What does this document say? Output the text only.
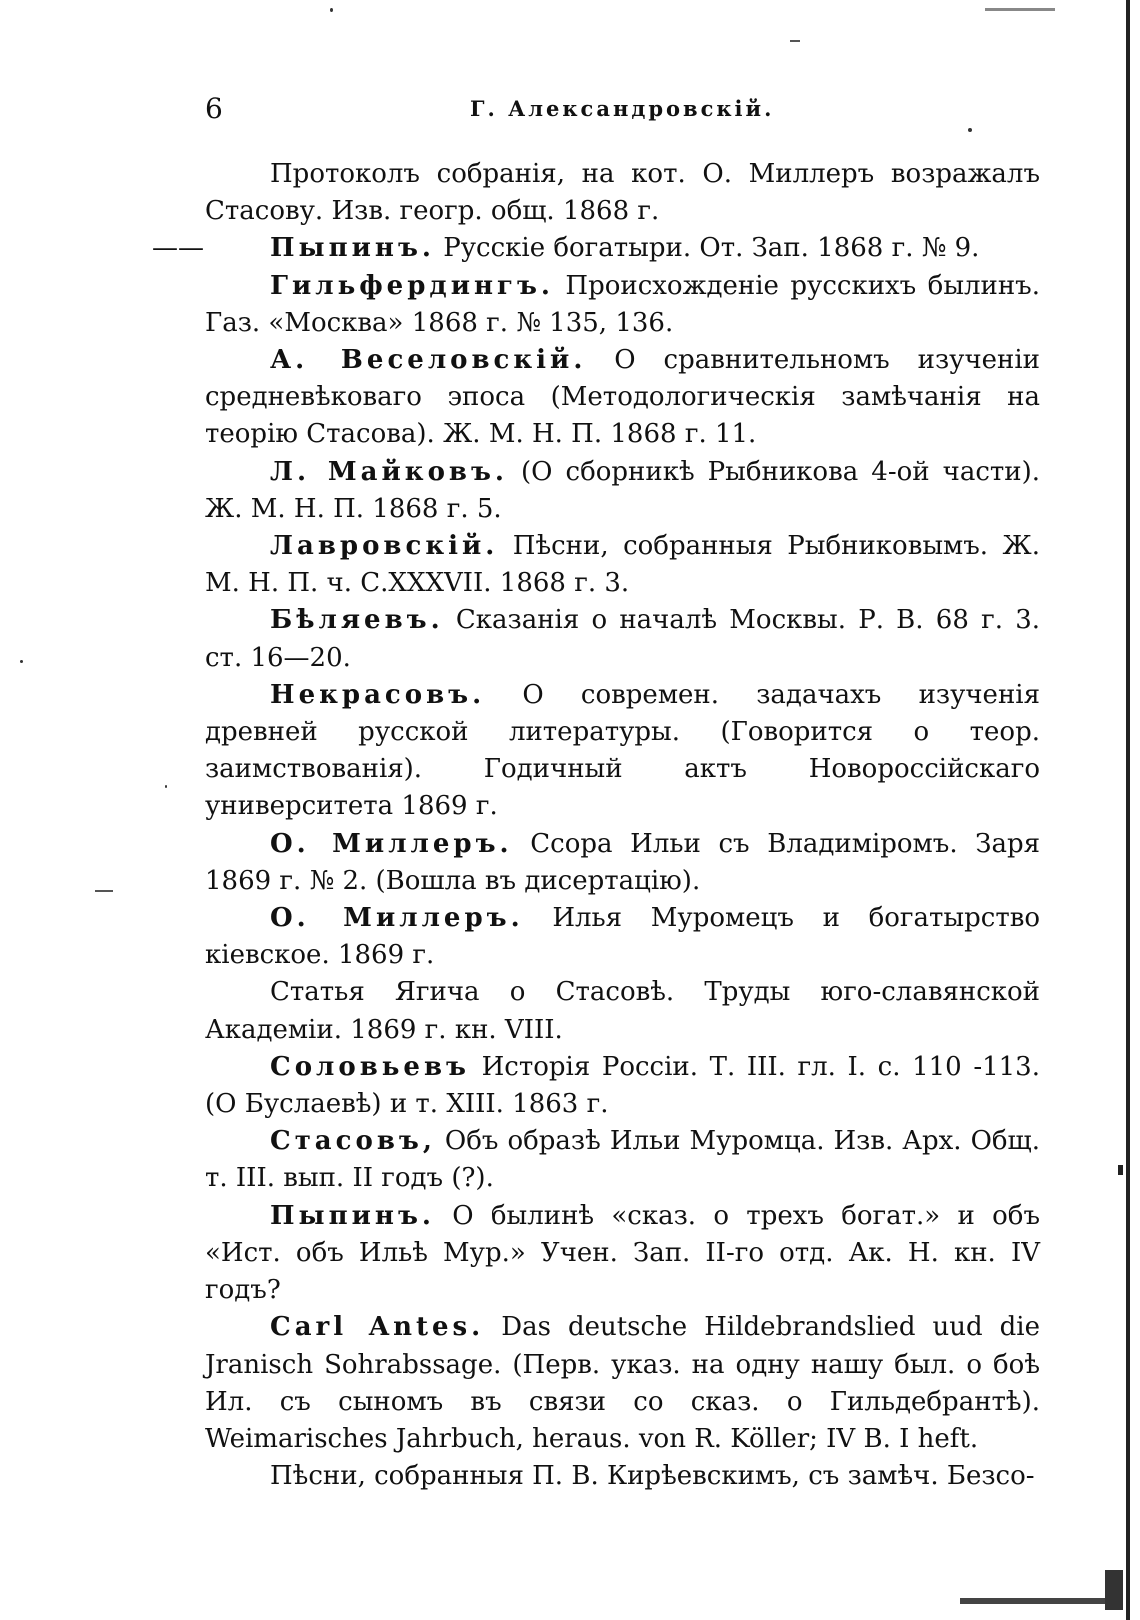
6	Г. Александровскій.
Протоколъ собранія, на кот. О. Миллеръ возражалъ Стасову. Изв. геогр. общ. 1868 г.
——	Пыпинъ. Русскіе богатыри. От. Зап. 1868 г. № 9.
Гильфердингъ. Происхожденіе русскихъ былинъ. Газ. «Москва» 1868 г. № 135, 136.
А. Веселовскій. О сравнительномъ изученіи средневѣковаго эпоса (Методологическія замѣчанія на теорію Стасова). Ж. М. Н. П. 1868 г. 11.
Л. Майковъ. (О сборникѣ Рыбникова 4-ой части). Ж. М. Н. П. 1868 г. 5.
Лавровскій. Пѣсни, собранныя Рыбниковымъ. Ж. М. Н. П. ч. С.XXXVII. 1868 г. 3.
Бѣляевъ. Сказанія о началѣ Москвы. Р. В. 68 г. 3. ст. 16—20.
Некрасовъ. О современ. задачахъ изученія древней русской литературы. (Говорится о теор. заимствованія). Годичный актъ Новороссійскаго университета 1869 г.
О. Миллеръ. Ссора Ильи съ Владиміромъ. Заря 1869 г. № 2. (Вошла въ дисертацію).
О. Миллеръ. Илья Муромецъ и богатырство кіевское. 1869 г.
Статья Ягича о Стасовѣ. Труды юго-славянской Академіи. 1869 г. кн. VIII.
Соловьевъ Исторія Россіи. Т. III. гл. I. с. 110 -113. (О Буслаевѣ) и т. XIII. 1863 г.
Стасовъ, Объ образѣ Ильи Муромца. Изв. Арх. Общ. т. III. вып. II годъ (?).
Пыпинъ. О былинѣ «сказ. о трехъ богат.» и объ «Ист. объ Ильѣ Мур.» Учен. Зап. II-го отд. Ак. Н. кн. IV годъ?
Carl Antes. Das deutsche Hildebrandslied uud die Jranisch Sohrabssage. (Перв. указ. на одну нашу был. о боѣ Ил. съ сыномъ въ связи со сказ. о Гильдебрантѣ). Weimarisches Jahrbuch, heraus. von R. Köller; IV B. I heft.
Пѣсни, собранныя П. В. Кирѣевскимъ, съ замѣч. Безсо-
